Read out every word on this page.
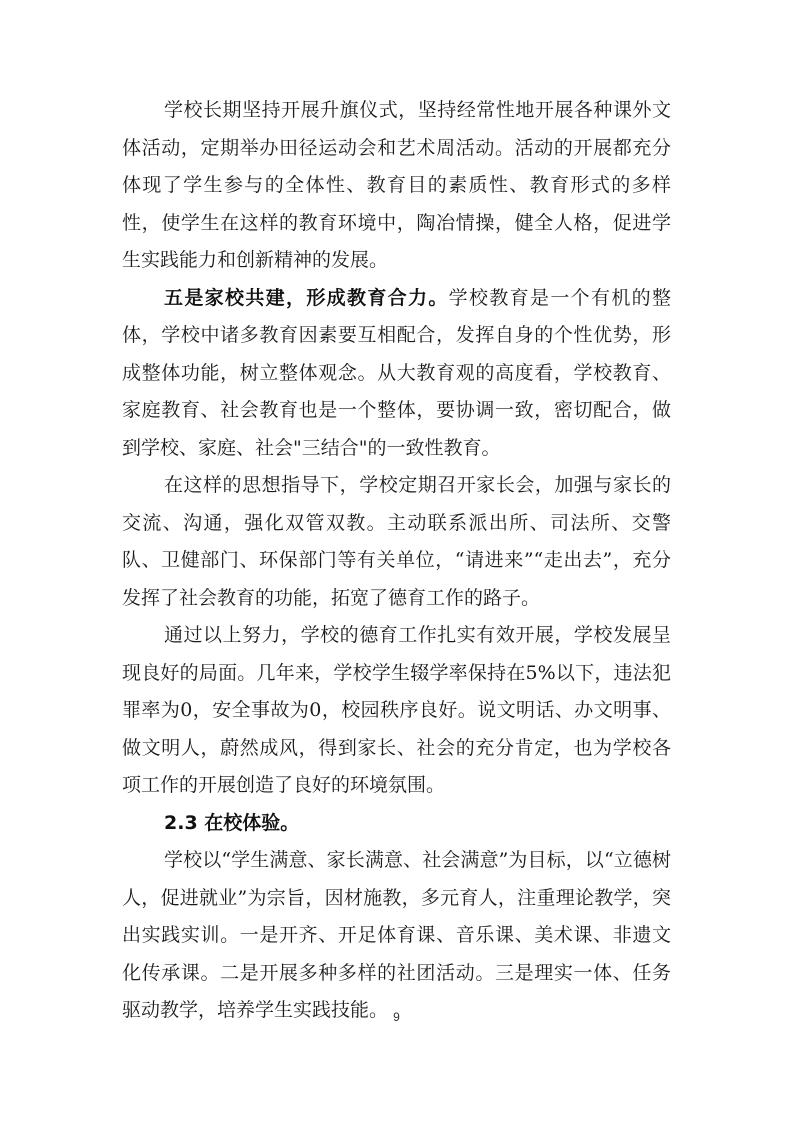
学校长期坚持开展升旗仪式，坚持经常性地开展各种课外文体活动，定期举办田径运动会和艺术周活动。活动的开展都充分体现了学生参与的全体性、教育目的素质性、教育形式的多样性，使学生在这样的教育环境中，陶冶情操，健全人格，促进学生实践能力和创新精神的发展。

五是家校共建，形成教育合力。学校教育是一个有机的整体，学校中诸多教育因素要互相配合，发挥自身的个性优势，形成整体功能，树立整体观念。从大教育观的高度看，学校教育、家庭教育、社会教育也是一个整体，要协调一致，密切配合，做到学校、家庭、社会"三结合"的一致性教育。

在这样的思想指导下，学校定期召开家长会，加强与家长的交流、沟通，强化双管双教。主动联系派出所、司法所、交警队、卫健部门、环保部门等有关单位，“请进来”“走出去”，充分发挥了社会教育的功能，拓宽了德育工作的路子。

通过以上努力，学校的德育工作扎实有效开展，学校发展呈现良好的局面。几年来，学校学生辍学率保持在5%以下，违法犯罪率为0，安全事故为0，校园秩序良好。说文明话、办文明事、做文明人，蔚然成风，得到家长、社会的充分肯定，也为学校各项工作的开展创造了良好的环境氛围。

2.3 在校体验。

学校以“学生满意、家长满意、社会满意”为目标，以“立德树人，促进就业”为宗旨，因材施教，多元育人，注重理论教学，突出实践实训。一是开齐、开足体育课、音乐课、美术课、非遗文化传承课。二是开展多种多样的社团活动。三是理实一体、任务驱动教学，培养学生实践技能。 9
